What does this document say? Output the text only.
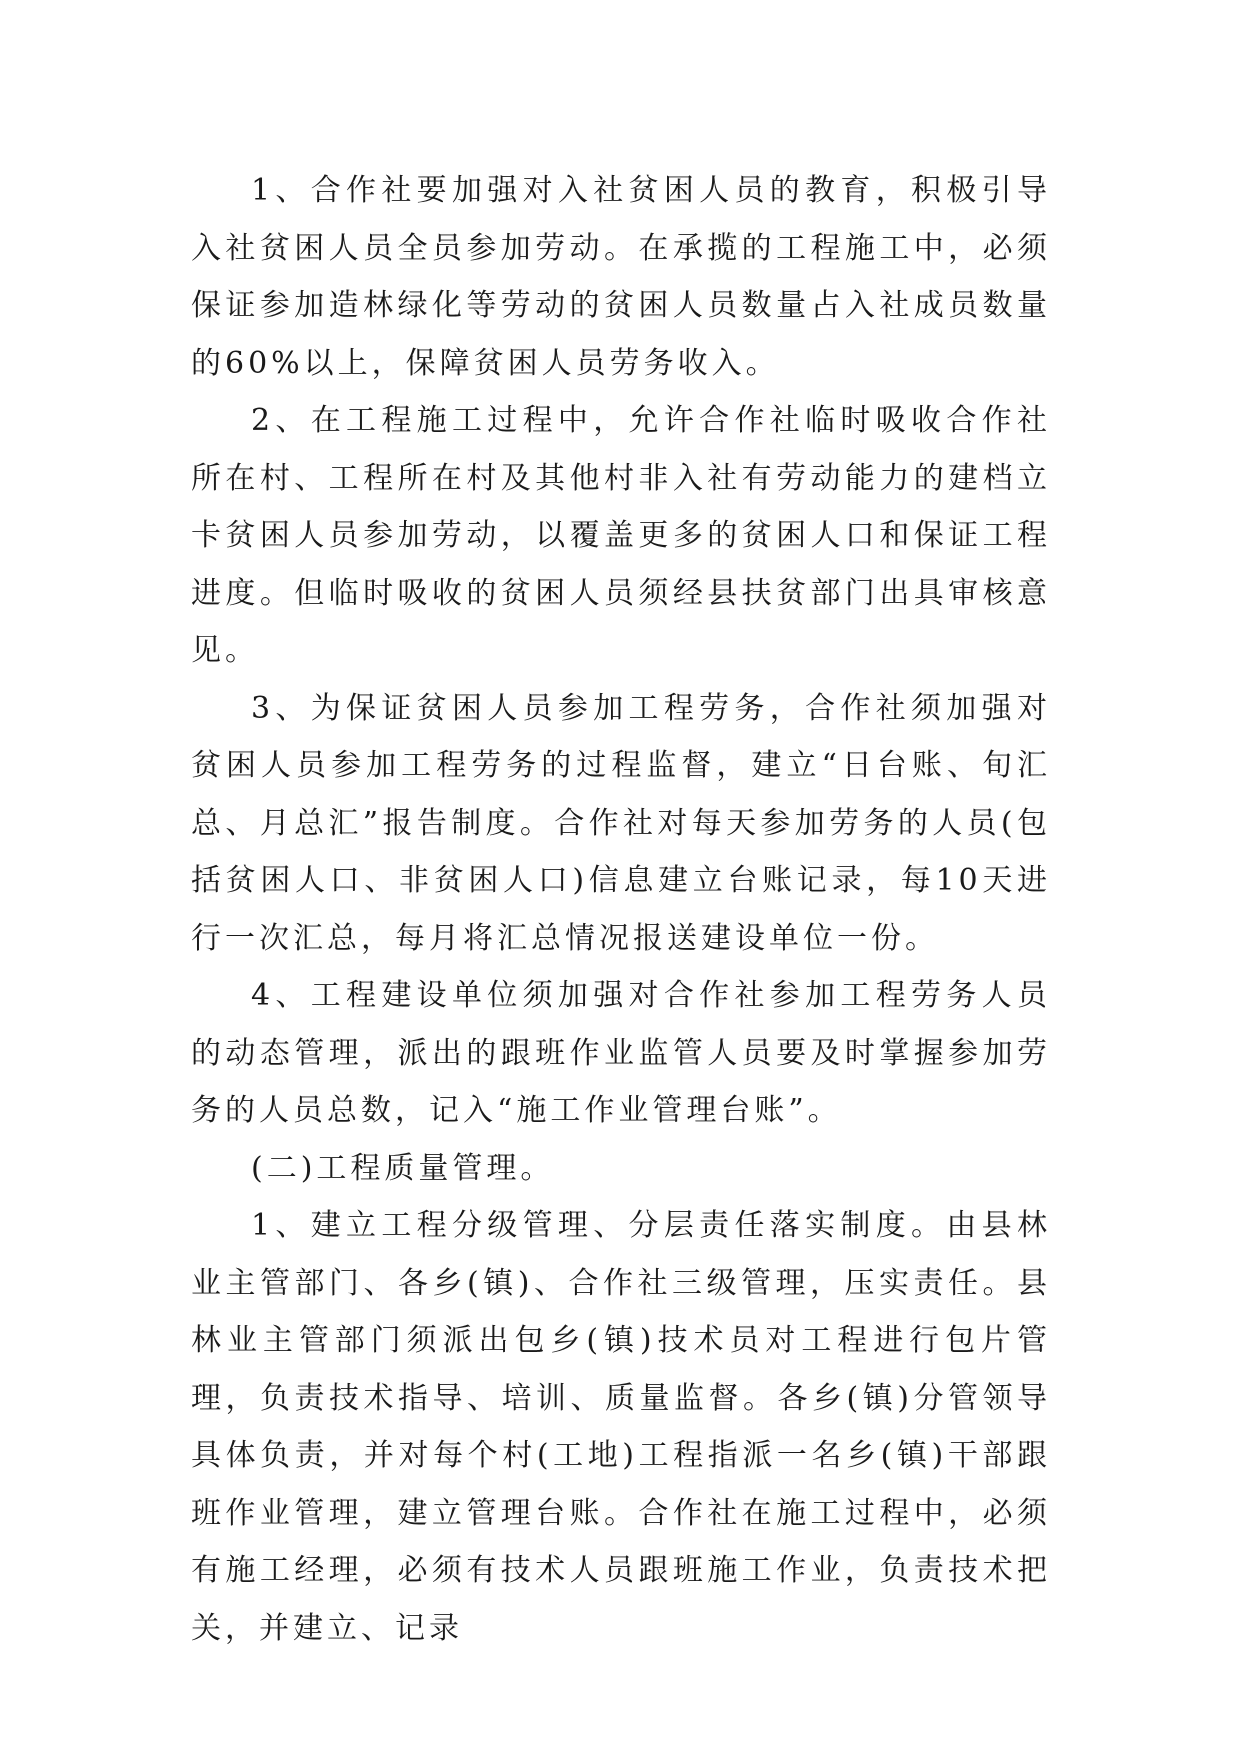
1、合作社要加强对入社贫困人员的教育，积极引导入社贫困人员全员参加劳动。在承揽的工程施工中，必须保证参加造林绿化等劳动的贫困人员数量占入社成员数量的60%以上，保障贫困人员劳务收入。

2、在工程施工过程中，允许合作社临时吸收合作社所在村、工程所在村及其他村非入社有劳动能力的建档立卡贫困人员参加劳动，以覆盖更多的贫困人口和保证工程进度。但临时吸收的贫困人员须经县扶贫部门出具审核意见。

3、为保证贫困人员参加工程劳务，合作社须加强对贫困人员参加工程劳务的过程监督，建立“日台账、旬汇总、月总汇”报告制度。合作社对每天参加劳务的人员(包括贫困人口、非贫困人口)信息建立台账记录，每10天进行一次汇总，每月将汇总情况报送建设单位一份。

4、工程建设单位须加强对合作社参加工程劳务人员的动态管理，派出的跟班作业监管人员要及时掌握参加劳务的人员总数，记入“施工作业管理台账”。

(二)工程质量管理。

1、建立工程分级管理、分层责任落实制度。由县林业主管部门、各乡(镇)、合作社三级管理，压实责任。县林业主管部门须派出包乡(镇)技术员对工程进行包片管理，负责技术指导、培训、质量监督。各乡(镇)分管领导具体负责，并对每个村(工地)工程指派一名乡(镇)干部跟班作业管理，建立管理台账。合作社在施工过程中，必须有施工经理，必须有技术人员跟班施工作业，负责技术把关，并建立、记录
